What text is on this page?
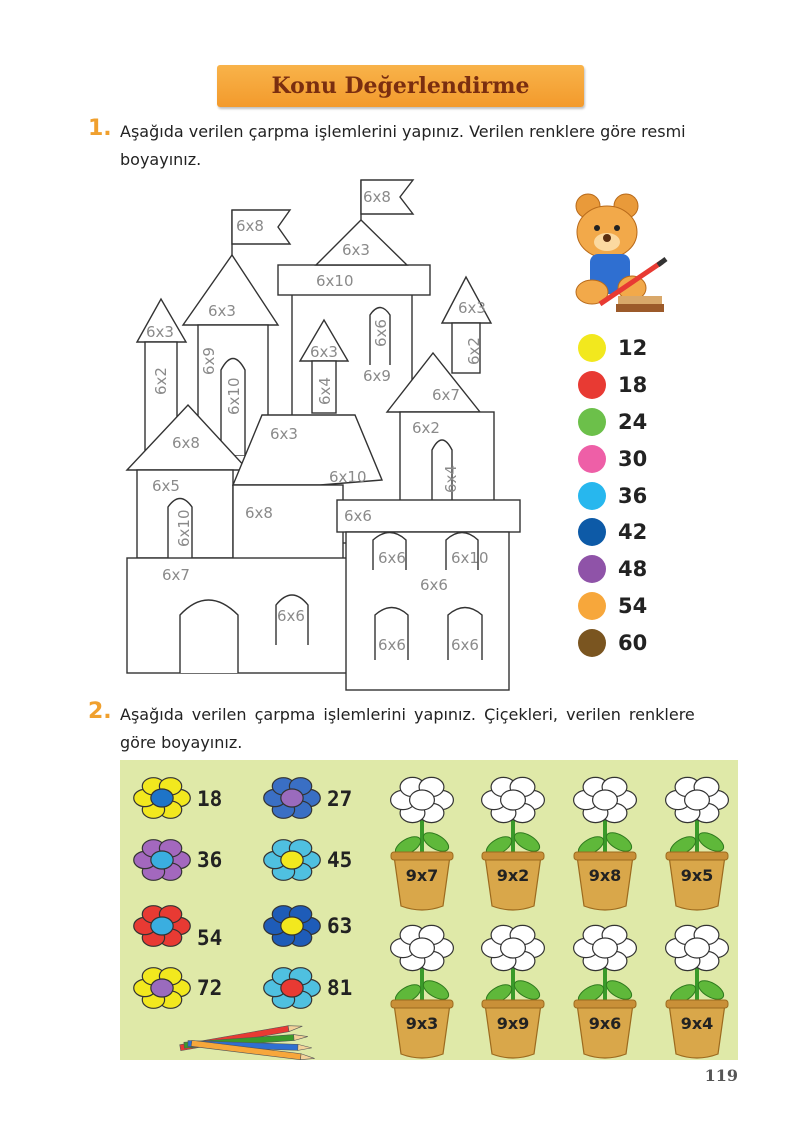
Konu Değerlendirme
1. Aşağıda verilen çarpma işlemlerini yapınız. Verilen renklere göre resmi
boyayınız.
6x8
6x8
6x3
6x10
6x3
6x3
6x3
6x6
6x2
6x9
6x10
6x2
6x4
6x9
6x3
6x8	6x3	6x2
6x7
6x5	6x10	6x4
6x10	6x8	6x6
6x6	6x10
6x7
6x6
6x6
6x6	6x6
12
18
24
30
36
42
48
54
60
2. Aşağıda verilen çarpma işlemlerini yapınız. Çiçekleri, verilen renklere
göre boyayınız.
18	27
36	45
54	63
72	81
9x7	9x2	9x8	9x5
9x3	9x9	9x6	9x4
119
